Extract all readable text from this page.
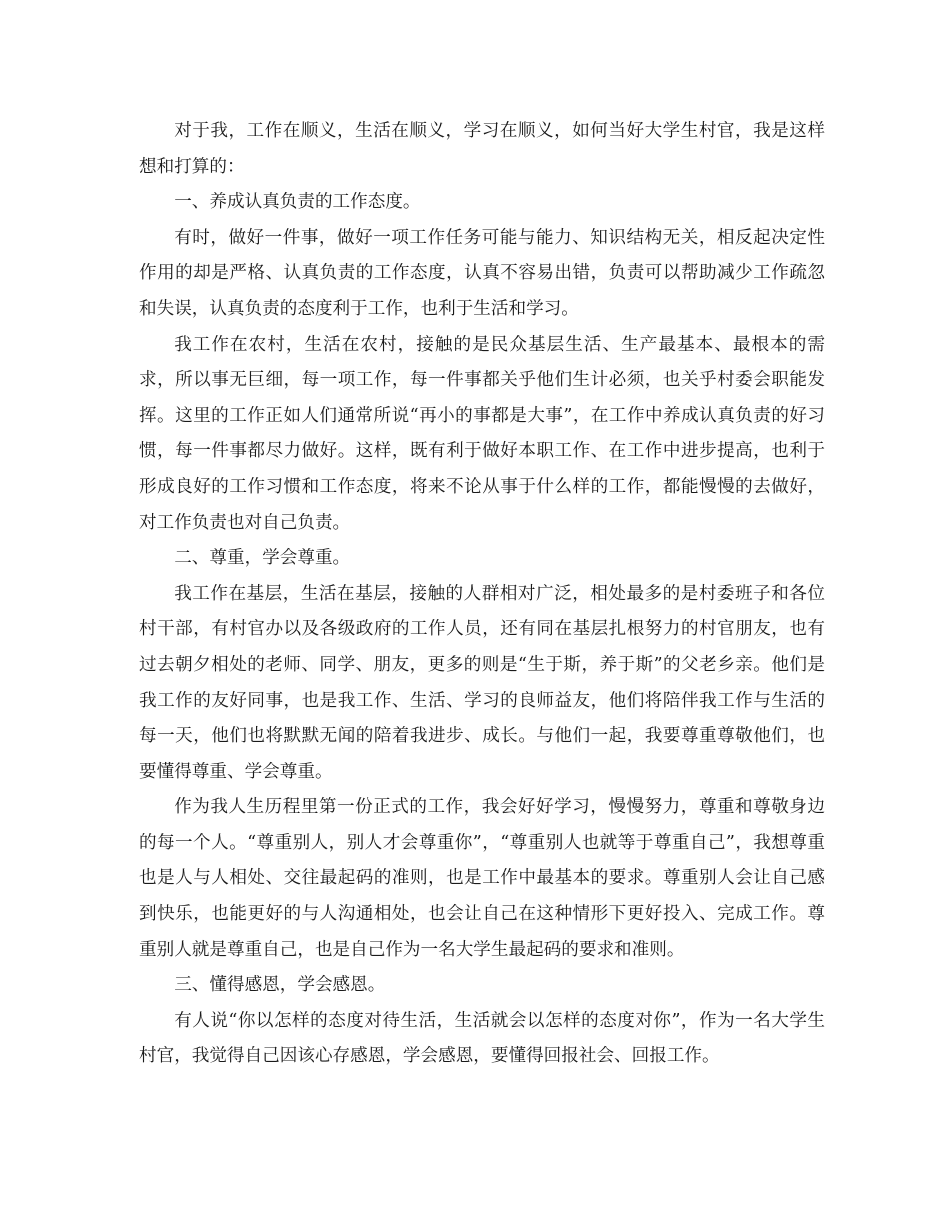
对于我，工作在顺义，生活在顺义，学习在顺义，如何当好大学生村官，我是这样想和打算的：

一、养成认真负责的工作态度。

有时，做好一件事，做好一项工作任务可能与能力、知识结构无关，相反起决定性作用的却是严格、认真负责的工作态度，认真不容易出错，负责可以帮助减少工作疏忽和失误，认真负责的态度利于工作，也利于生活和学习。

我工作在农村，生活在农村，接触的是民众基层生活、生产最基本、最根本的需求，所以事无巨细，每一项工作，每一件事都关乎他们生计必须，也关乎村委会职能发挥。这里的工作正如人们通常所说“再小的事都是大事”，在工作中养成认真负责的好习惯，每一件事都尽力做好。这样，既有利于做好本职工作、在工作中进步提高，也利于形成良好的工作习惯和工作态度，将来不论从事于什么样的工作，都能慢慢的去做好，对工作负责也对自己负责。

二、尊重，学会尊重。

我工作在基层，生活在基层，接触的人群相对广泛，相处最多的是村委班子和各位村干部，有村官办以及各级政府的工作人员，还有同在基层扎根努力的村官朋友，也有过去朝夕相处的老师、同学、朋友，更多的则是“生于斯，养于斯”的父老乡亲。他们是我工作的友好同事，也是我工作、生活、学习的良师益友，他们将陪伴我工作与生活的每一天，他们也将默默无闻的陪着我进步、成长。与他们一起，我要尊重尊敬他们，也要懂得尊重、学会尊重。

作为我人生历程里第一份正式的工作，我会好好学习，慢慢努力，尊重和尊敬身边的每一个人。“尊重别人，别人才会尊重你”，“尊重别人也就等于尊重自己”，我想尊重也是人与人相处、交往最起码的准则，也是工作中最基本的要求。尊重别人会让自己感到快乐，也能更好的与人沟通相处，也会让自己在这种情形下更好投入、完成工作。尊重别人就是尊重自己，也是自己作为一名大学生最起码的要求和准则。

三、懂得感恩，学会感恩。

有人说“你以怎样的态度对待生活，生活就会以怎样的态度对你”，作为一名大学生村官，我觉得自己因该心存感恩，学会感恩，要懂得回报社会、回报工作。
